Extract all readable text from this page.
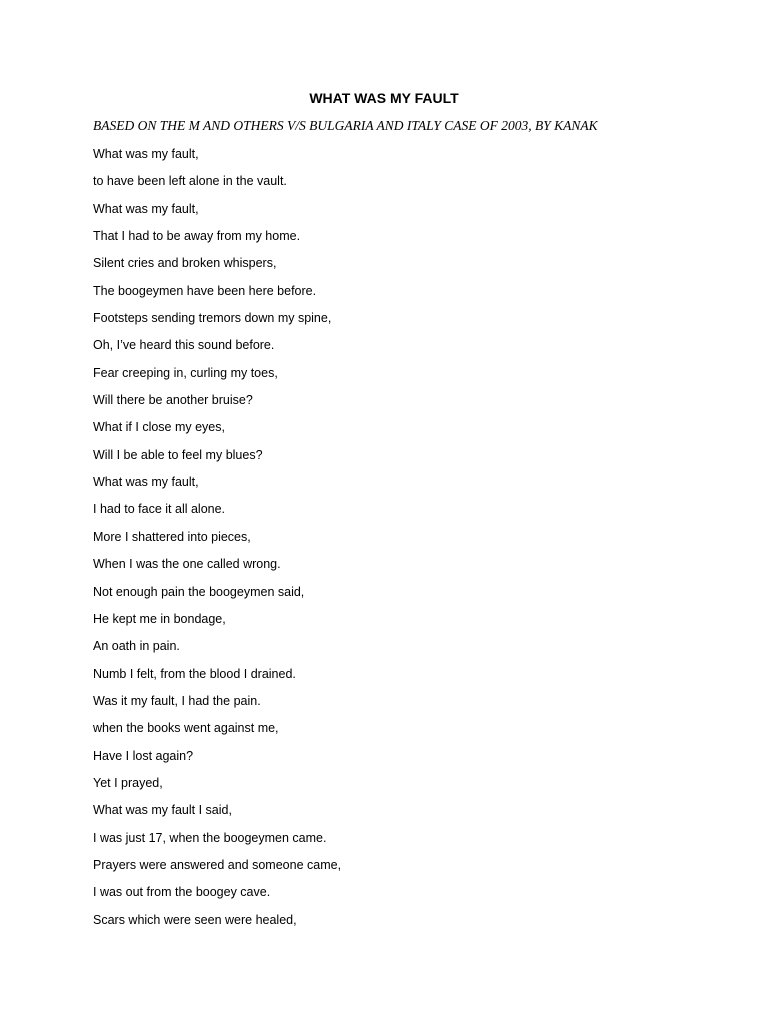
WHAT WAS MY FAULT

BASED ON THE M AND OTHERS V/S BULGARIA AND ITALY CASE OF 2003, BY KANAK

What was my fault,
to have been left alone in the vault.
What was my fault,
That I had to be away from my home.
Silent cries and broken whispers,
The boogeymen have been here before.
Footsteps sending tremors down my spine,
Oh, I’ve heard this sound before.
Fear creeping in, curling my toes,
Will there be another bruise?
What if I close my eyes,
Will I be able to feel my blues?
What was my fault,
I had to face it all alone.
More I shattered into pieces,
When I was the one called wrong.
Not enough pain the boogeymen said,
He kept me in bondage,
An oath in pain.
Numb I felt, from the blood I drained.
Was it my fault, I had the pain.
when the books went against me,
Have I lost again?
Yet I prayed,
What was my fault I said,
I was just 17, when the boogeymen came.
Prayers were answered and someone came,
I was out from the boogey cave.
Scars which were seen were healed,
